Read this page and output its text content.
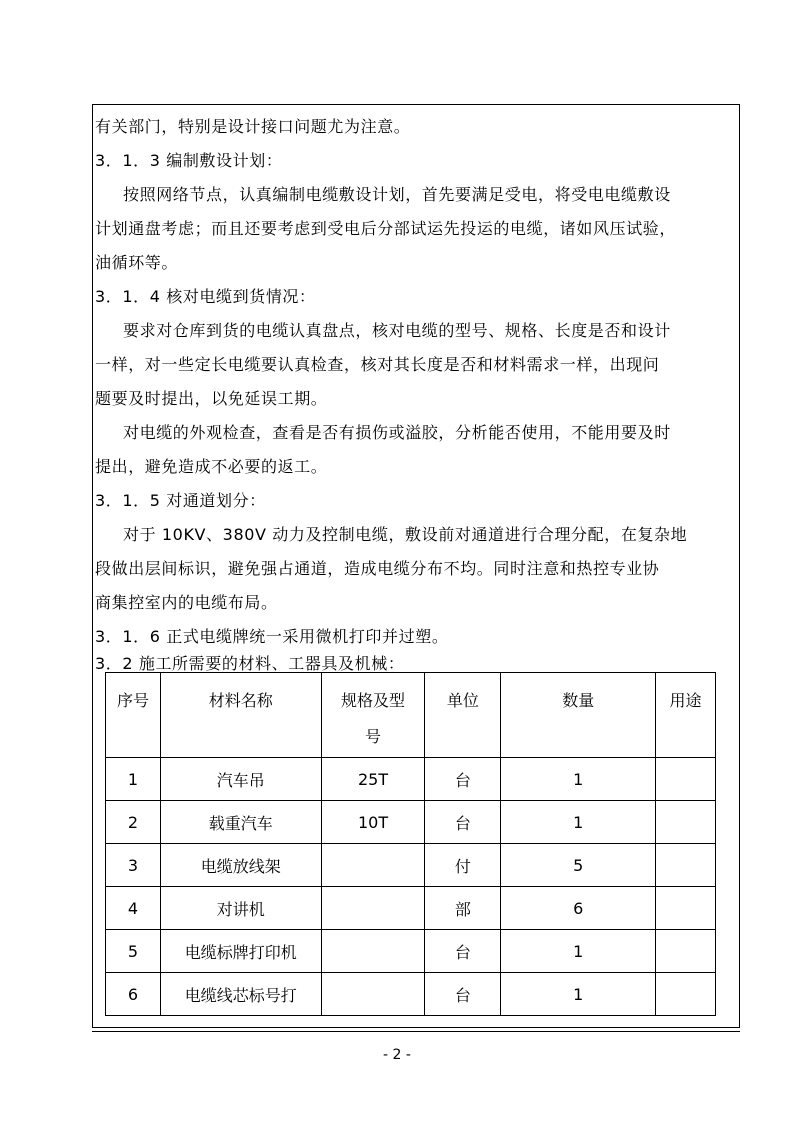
有关部门，特别是设计接口问题尤为注意。
3．1．3 编制敷设计划：
按照网络节点，认真编制电缆敷设计划，首先要满足受电，将受电电缆敷设
计划通盘考虑；而且还要考虑到受电后分部试运先投运的电缆，诸如风压试验，
油循环等。
3．1．4 核对电缆到货情况：
要求对仓库到货的电缆认真盘点，核对电缆的型号、规格、长度是否和设计
一样，对一些定长电缆要认真检查，核对其长度是否和材料需求一样，出现问
题要及时提出，以免延误工期。
对电缆的外观检查，查看是否有损伤或溢胶，分析能否使用，不能用要及时
提出，避免造成不必要的返工。
3．1．5 对通道划分：
对于 10KV、380V 动力及控制电缆，敷设前对通道进行合理分配，在复杂地
段做出层间标识，避免强占通道，造成电缆分布不均。同时注意和热控专业协
商集控室内的电缆布局。
3．1．6 正式电缆牌统一采用微机打印并过塑。
3．2 施工所需要的材料、工器具及机械：
序号	材料名称	规格及型号	单位	数量	用途

1	汽车吊	25T	台	1	
2	载重汽车	10T	台	1	
3	电缆放线架		付	5	
4	对讲机		部	6	
5	电缆标牌打印机		台	1	
6	电缆线芯标号打		台	1	
- 2 -
